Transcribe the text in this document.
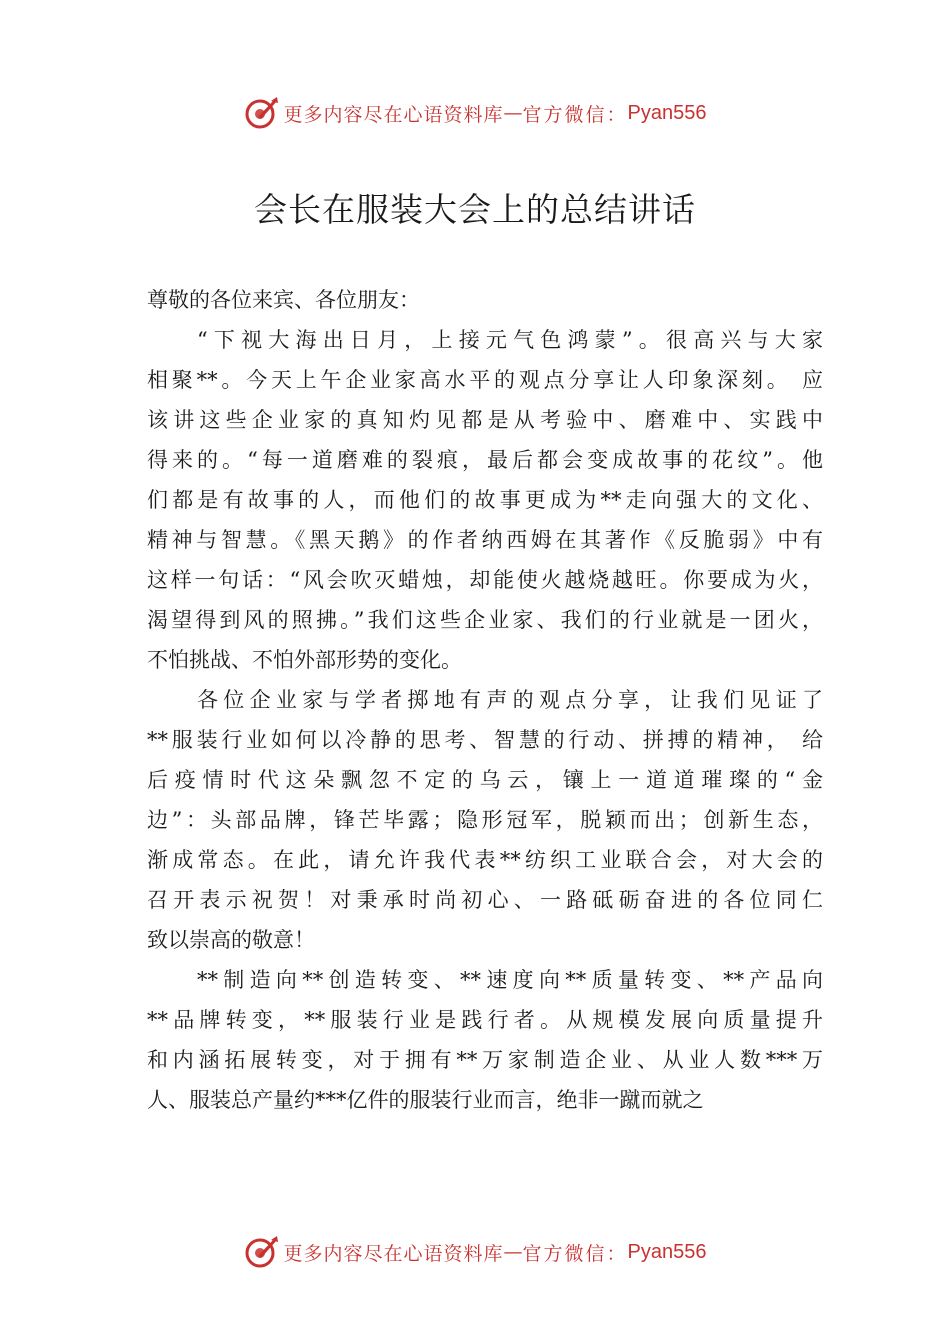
更多内容尽在心语资料库 — 官方微信： Pyan556
会长在服装大会上的总结讲话
尊敬的各位来宾、各位朋友：
“下视大海出日月，上接元气色鸿蒙”。很高兴与大家
相聚**。今天上午企业家高水平的观点分享让人印象深刻。 应
该讲这些企业家的真知灼见都是从考验中、磨难中、实践中
得来的。“每一道磨难的裂痕，最后都会变成故事的花纹”。他
们都是有故事的人，而他们的故事更成为**走向强大的文化、
精神与智慧。《黑天鹅》的作者纳西姆在其著作《反脆弱》中有
这样一句话：“风会吹灭蜡烛，却能使火越烧越旺。你要成为火，
渴望得到风的照拂。”我们这些企业家、我们的行业就是一团火，
不怕挑战、不怕外部形势的变化。
各位企业家与学者掷地有声的观点分享，让我们见证了
**服装行业如何以冷静的思考、智慧的行动、拼搏的精神， 给
后疫情时代这朵飘忽不定的乌云，镶上一道道璀璨的“金
边”：头部品牌，锋芒毕露；隐形冠军，脱颖而出；创新生态，
渐成常态。在此，请允许我代表**纺织工业联合会，对大会的
召开表示祝贺！对秉承时尚初心、一路砥砺奋进的各位同仁
致以崇高的敬意！
**制造向**创造转变、**速度向**质量转变、**产品向
**品牌转变，**服装行业是践行者。从规模发展向质量提升
和内涵拓展转变，对于拥有**万家制造企业、从业人数***万
人、服装总产量约***亿件的服装行业而言，绝非一蹴而就之
更多内容尽在心语资料库 — 官方微信： Pyan556
